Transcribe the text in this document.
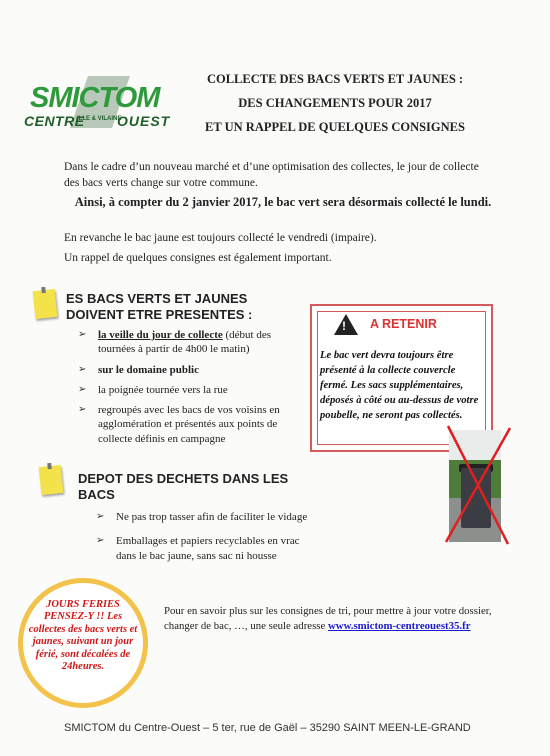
SMICTOM
CENTRE
ILLE & VILAINE
OUEST
COLLECTE DES BACS VERTS ET JAUNES :
DES CHANGEMENTS POUR 2017
ET UN RAPPEL DE QUELQUES CONSIGNES
Dans le cadre d’un nouveau marché et d’une optimisation des collectes, le jour de collecte des bacs verts change sur votre commune.
Ainsi, à compter du 2 janvier 2017, le bac vert sera désormais collecté le lundi.
En revanche le bac jaune est toujours collecté le vendredi (impaire).
Un rappel de quelques consignes est également important.
ES BACS VERTS ET JAUNES
DOIVENT ETRE PRESENTES :
➢ la veille du jour de collecte (début des tournées à partir de 4h00 le matin)
➢ sur le domaine public
➢ la poignée tournée vers la rue
➢ regroupés avec les bacs de vos voisins en agglomération et présentés aux points de collecte définis en campagne
!
A RETENIR
Le bac vert devra toujours être présenté à la collecte couvercle fermé. Les sacs supplémentaires, déposés à côté ou au-dessus de votre poubelle, ne seront pas collectés.
DEPOT DES DECHETS DANS LES
BACS
➢ Ne pas trop tasser afin de faciliter le vidage
➢ Emballages et papiers recyclables en vrac dans le bac jaune, sans sac ni housse
JOURS FERIES PENSEZ-Y !! Les collectes des bacs verts et jaunes, suivant un jour férié, sont décalées de 24heures.
Pour en savoir plus sur les consignes de tri, pour mettre à jour votre dossier, changer de bac, …, une seule adresse www.smictom-centreouest35.fr
SMICTOM du Centre-Ouest – 5 ter, rue de Gaël – 35290 SAINT MEEN-LE-GRAND
